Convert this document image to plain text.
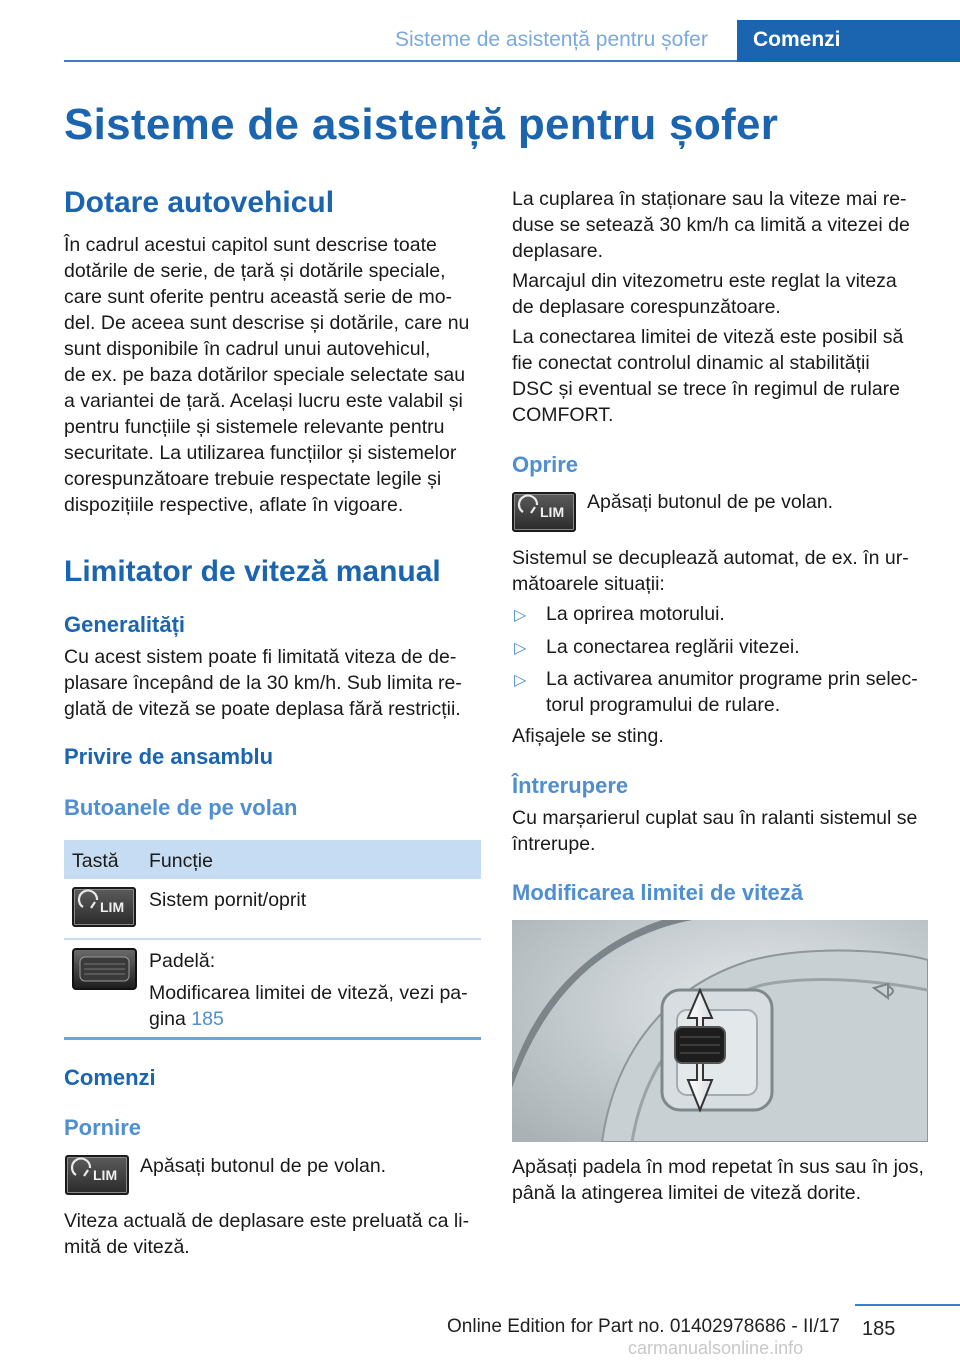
Sisteme de asistență pentru șofer Comenzi
Sisteme de asistență pentru șofer
Dotare autovehicul
În cadrul acestui capitol sunt descrise toate
dotările de serie, de țară și dotările speciale,
care sunt oferite pentru această serie de mo‐
del. De aceea sunt descrise și dotările, care nu
sunt disponibile în cadrul unui autovehicul,
de ex. pe baza dotărilor speciale selectate sau
a variantei de țară. Același lucru este valabil și
pentru funcțiile și sistemele relevante pentru
securitate. La utilizarea funcțiilor și sistemelor
corespunzătoare trebuie respectate legile și
dispozițiile respective, aflate în vigoare.
Limitator de viteză manual
Generalități
Cu acest sistem poate fi limitată viteza de de‐
plasare începând de la 30 km/h. Sub limita re‐
glată de viteză se poate deplasa fără restricții.
Privire de ansamblu
Butoanele de pe volan
Tastă Funcție
LIM Sistem pornit/oprit
Padelă:
Modificarea limitei de viteză, vezi pa‐
gina 185
Comenzi
Pornire
LIM Apăsați butonul de pe volan.
Viteza actuală de deplasare este preluată ca li‐
mită de viteză.
La cuplarea în staționare sau la viteze mai re‐
duse se setează 30 km/h ca limită a vitezei de
deplasare.
Marcajul din vitezometru este reglat la viteza
de deplasare corespunzătoare.
La conectarea limitei de viteză este posibil să
fie conectat controlul dinamic al stabilității
DSC și eventual se trece în regimul de rulare
COMFORT.
Oprire
LIM Apăsați butonul de pe volan.
Sistemul se decuplează automat, de ex. în ur‐
mătoarele situații:
▷ La oprirea motorului.
▷ La conectarea reglării vitezei.
▷ La activarea anumitor programe prin selec‐
torul programului de rulare.
Afișajele se sting.
Întrerupere
Cu marșarierul cuplat sau în ralanti sistemul se
întrerupe.
Modificarea limitei de viteză
Apăsați padela în mod repetat în sus sau în jos,
până la atingerea limitei de viteză dorite.
185
Online Edition for Part no. 01402978686 - II/17
carmanualsonline.info
